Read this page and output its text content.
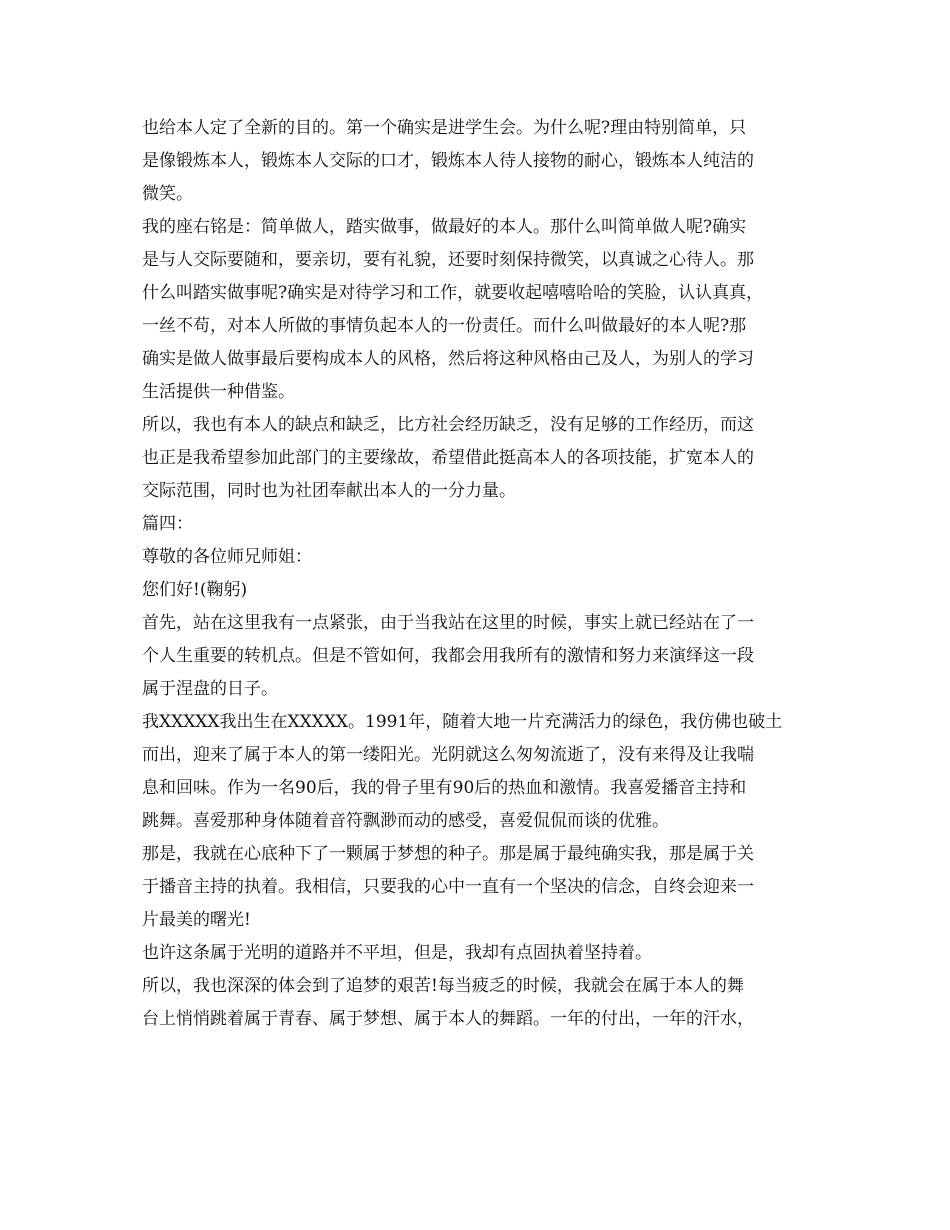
也给本人定了全新的目的。第一个确实是进学生会。为什么呢?理由特别简单，只
是像锻炼本人，锻炼本人交际的口才，锻炼本人待人接物的耐心，锻炼本人纯洁的
微笑。
我的座右铭是：简单做人，踏实做事，做最好的本人。那什么叫简单做人呢?确实
是与人交际要随和，要亲切，要有礼貌，还要时刻保持微笑，以真诚之心待人。那
什么叫踏实做事呢?确实是对待学习和工作，就要收起嘻嘻哈哈的笑脸，认认真真，
一丝不苟，对本人所做的事情负起本人的一份责任。而什么叫做最好的本人呢?那
确实是做人做事最后要构成本人的风格，然后将这种风格由己及人，为别人的学习
生活提供一种借鉴。
所以，我也有本人的缺点和缺乏，比方社会经历缺乏，没有足够的工作经历，而这
也正是我希望参加此部门的主要缘故，希望借此挺高本人的各项技能，扩宽本人的
交际范围，同时也为社团奉献出本人的一分力量。
篇四：
尊敬的各位师兄师姐：
您们好!(鞠躬)
首先，站在这里我有一点紧张，由于当我站在这里的时候，事实上就已经站在了一
个人生重要的转机点。但是不管如何，我都会用我所有的激情和努力来演绎这一段
属于涅盘的日子。
我XXXXX我出生在XXXXX。1991年，随着大地一片充满活力的绿色，我仿佛也破土
而出，迎来了属于本人的第一缕阳光。光阴就这么匆匆流逝了，没有来得及让我喘
息和回味。作为一名90后，我的骨子里有90后的热血和激情。我喜爱播音主持和
跳舞。喜爱那种身体随着音符飘渺而动的感受，喜爱侃侃而谈的优雅。
那是，我就在心底种下了一颗属于梦想的种子。那是属于最纯确实我，那是属于关
于播音主持的执着。我相信，只要我的心中一直有一个坚决的信念，自终会迎来一
片最美的曙光!
也许这条属于光明的道路并不平坦，但是，我却有点固执着坚持着。
所以，我也深深的体会到了追梦的艰苦!每当疲乏的时候，我就会在属于本人的舞
台上悄悄跳着属于青春、属于梦想、属于本人的舞蹈。一年的付出，一年的汗水，
